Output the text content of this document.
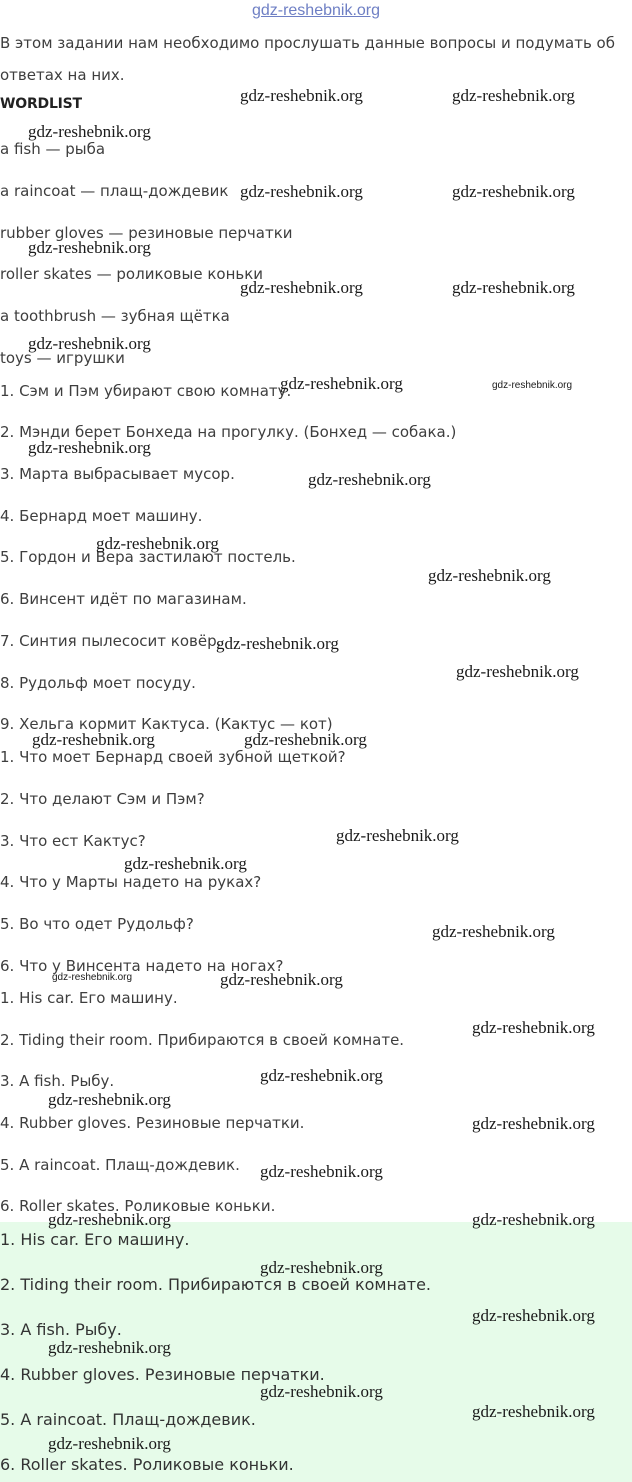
gdz-reshebnik.org
В этом задании нам необходимо прослушать данные вопросы и подумать об
ответах на них.
WORDLIST
a fish — рыба
a raincoat — плащ-дождевик
rubber gloves — резиновые перчатки
roller skates — роликовые коньки
a toothbrush — зубная щётка
toys — игрушки
1. Сэм и Пэм убирают свою комнату.
2. Мэнди берет Бонхеда на прогулку. (Бонхед — собака.)
3. Марта выбрасывает мусор.
4. Бернард моет машину.
5. Гордон и Вера застилают постель.
6. Винсент идёт по магазинам.
7. Синтия пылесосит ковёр.
8. Рудольф моет посуду.
9. Хельга кормит Кактуса. (Кактус — кот)
1. Что моет Бернард своей зубной щеткой?
2. Что делают Сэм и Пэм?
3. Что ест Кактус?
4. Что у Марты надето на руках?
5. Во что одет Рудольф?
6. Что у Винсента надето на ногах?
1. His car. Его машину.
2. Tiding their room. Прибираются в своей комнате.
3. A fish. Рыбу.
4. Rubber gloves. Резиновые перчатки.
5. A raincoat. Плащ-дождевик.
6. Roller skates. Роликовые коньки.
1. His car. Его машину.
2. Tiding their room. Прибираются в своей комнате.
3. A fish. Рыбу.
4. Rubber gloves. Резиновые перчатки.
5. A raincoat. Плащ-дождевик.
6. Roller skates. Роликовые коньки.
gdz-reshebnik.org	gdz-reshebnik.org
gdz-reshebnik.org
gdz-reshebnik.org	gdz-reshebnik.org
gdz-reshebnik.org
gdz-reshebnik.org	gdz-reshebnik.org
gdz-reshebnik.org
gdz-reshebnik.org	gdz-reshebnik.org
gdz-reshebnik.org
gdz-reshebnik.org
gdz-reshebnik.org
gdz-reshebnik.org
gdz-reshebnik.org
gdz-reshebnik.org
gdz-reshebnik.org	gdz-reshebnik.org
gdz-reshebnik.org
gdz-reshebnik.org
gdz-reshebnik.org
gdz-reshebnik.org	gdz-reshebnik.org
gdz-reshebnik.org
gdz-reshebnik.org
gdz-reshebnik.org
gdz-reshebnik.org
gdz-reshebnik.org
gdz-reshebnik.org	gdz-reshebnik.org
gdz-reshebnik.org
gdz-reshebnik.org
gdz-reshebnik.org
gdz-reshebnik.org
gdz-reshebnik.org
gdz-reshebnik.org
